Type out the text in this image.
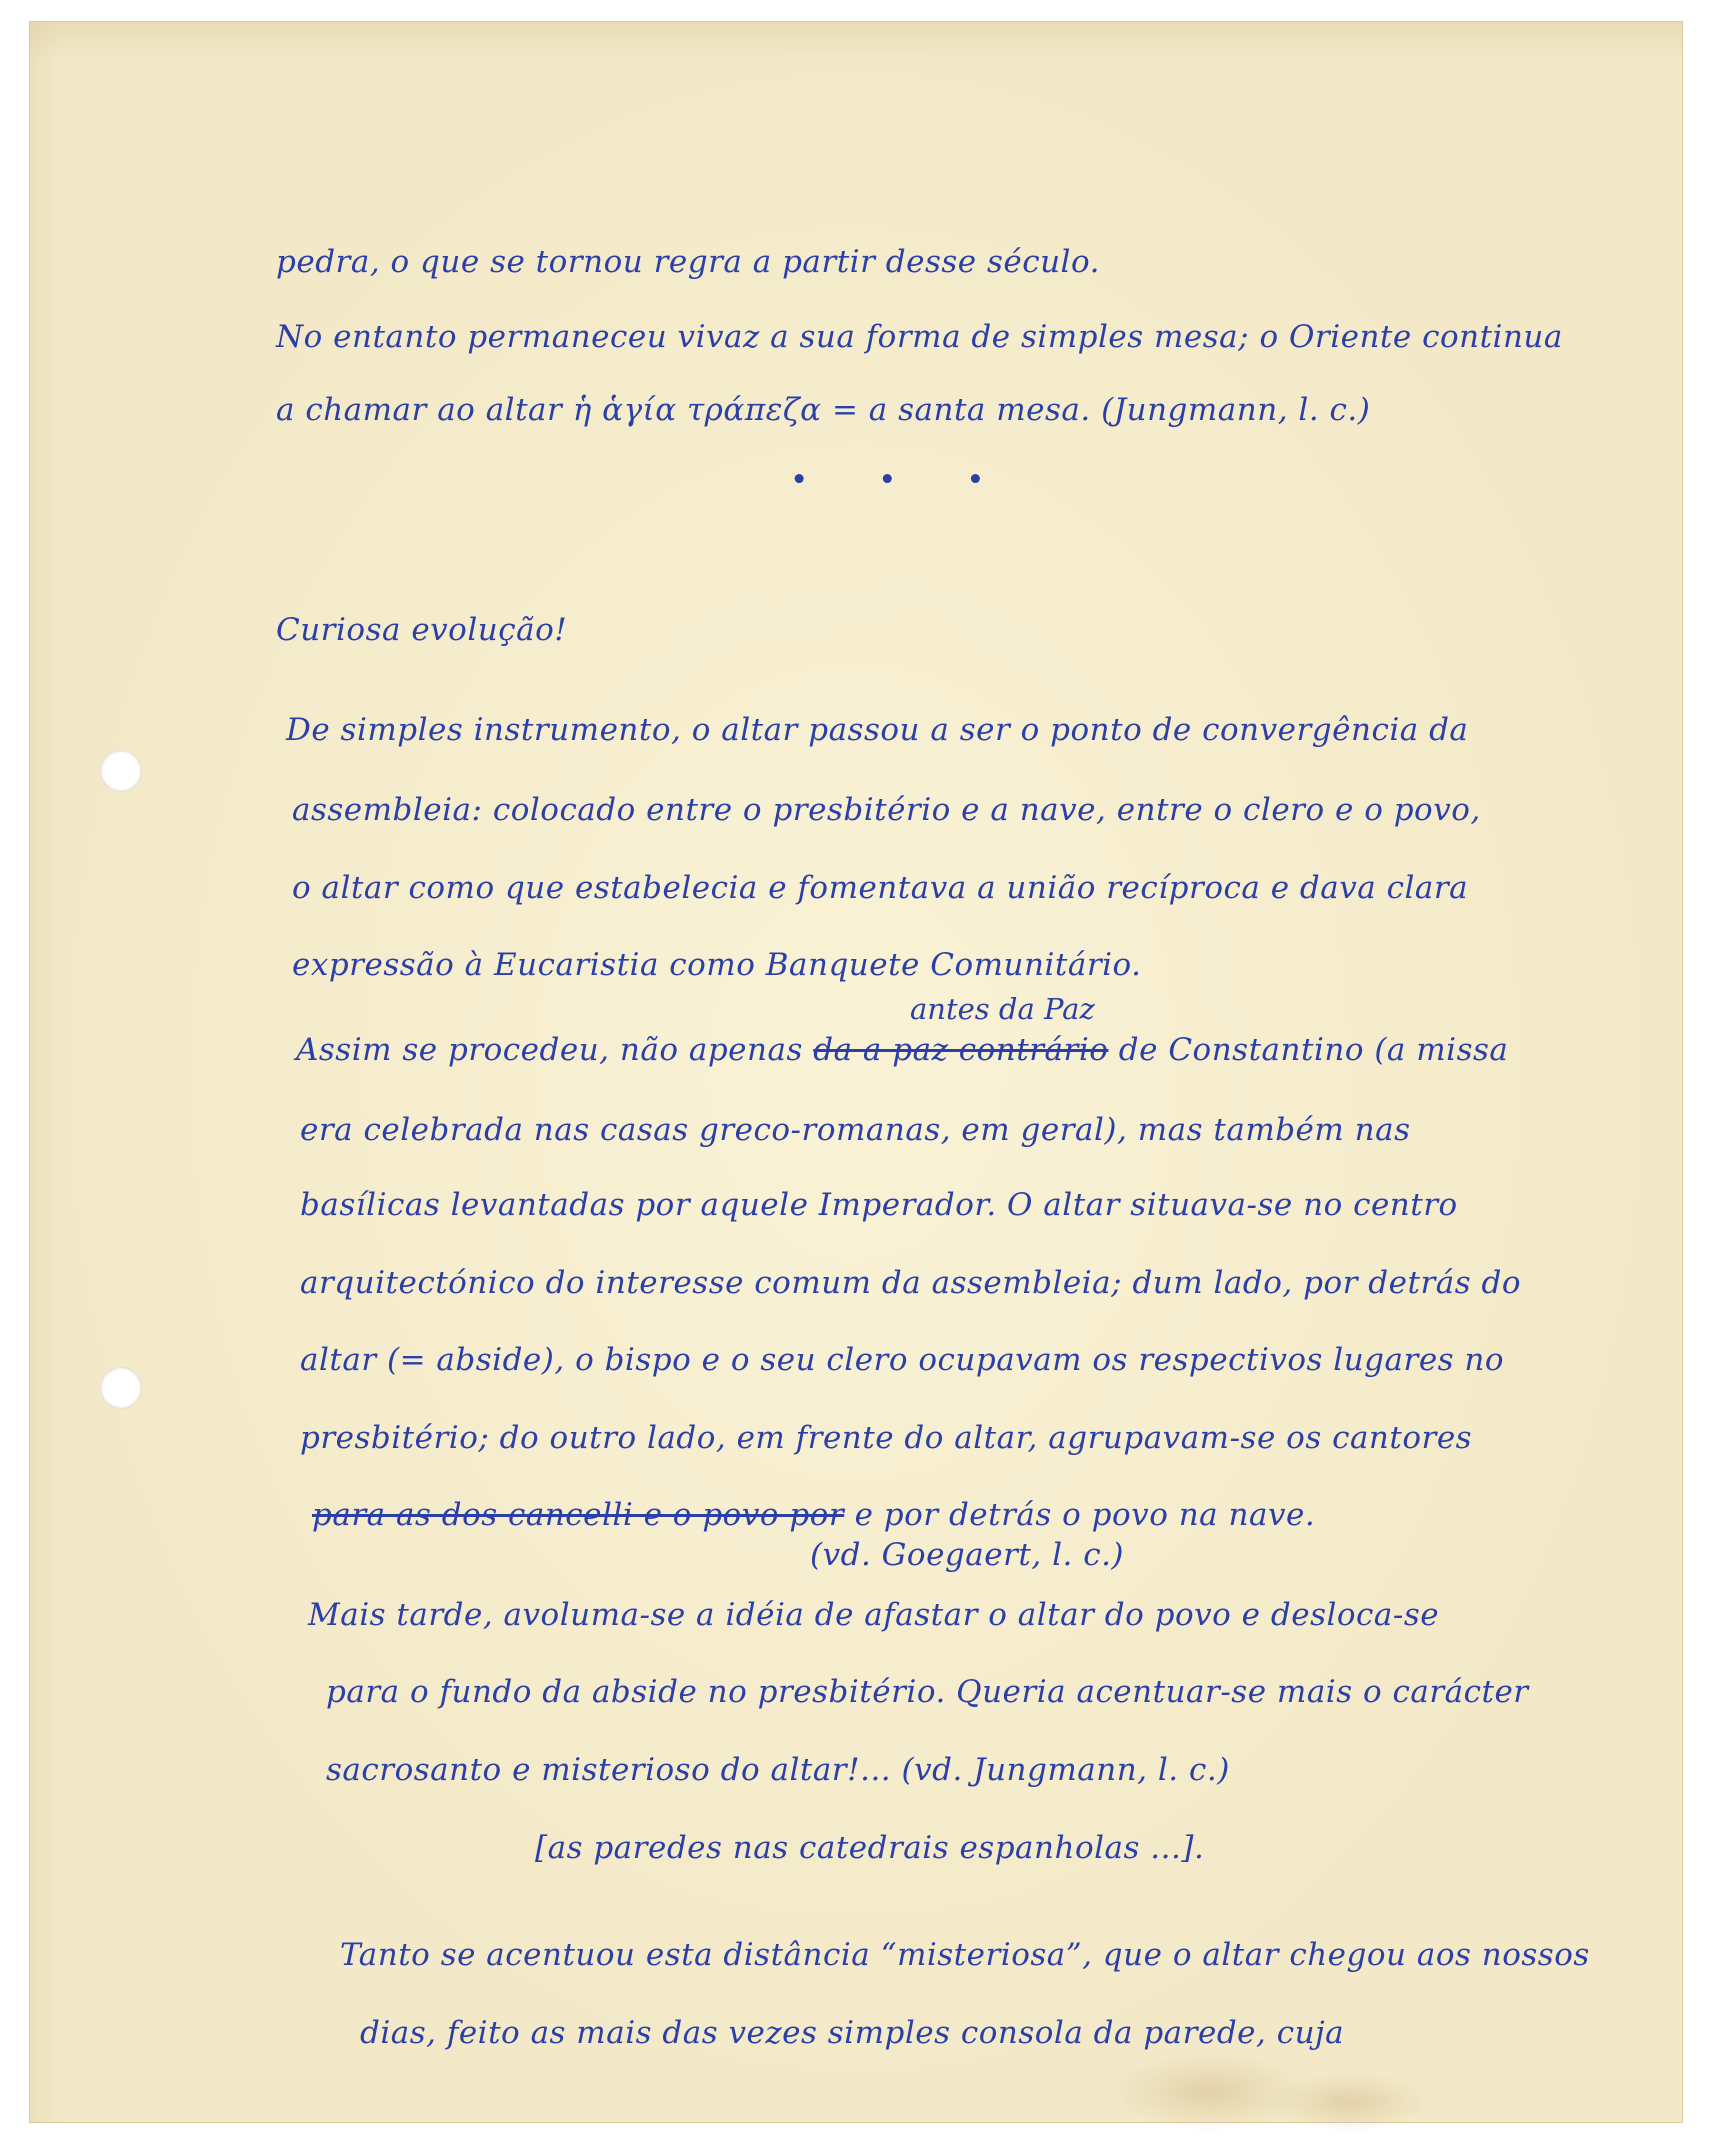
pedra, o que se tornou regra a partir desse século.
No entanto permaneceu vivaz a sua forma de simples mesa; o Oriente continua
a chamar ao altar ἡ ἁγία τράπεζα = a santa mesa. (Jungmann, l. c.)
• • •
Curiosa evolução!
De simples instrumento, o altar passou a ser o ponto de convergência da
assembleia: colocado entre o presbitério e a nave, entre o clero e o povo,
o altar como que estabelecia e fomentava a união recíproca e dava clara
expressão à Eucaristia como Banquete Comunitário.
antes da Paz
Assim se procedeu, não apenas da a paz contrário de Constantino (a missa
era celebrada nas casas greco-romanas, em geral), mas também nas
basílicas levantadas por aquele Imperador. O altar situava-se no centro
arquitectónico do interesse comum da assembleia; dum lado, por detrás do
altar (= abside), o bispo e o seu clero ocupavam os respectivos lugares no
presbitério; do outro lado, em frente do altar, agrupavam-se os cantores
para as dos cancelli e o povo por e por detrás o povo na nave.
(vd. Goegaert, l. c.)
Mais tarde, avoluma-se a idéia de afastar o altar do povo e desloca-se
para o fundo da abside no presbitério. Queria acentuar-se mais o carácter
sacrosanto e misterioso do altar!... (vd. Jungmann, l. c.)
[as paredes nas catedrais espanholas ...].
Tanto se acentuou esta distância “misteriosa”, que o altar chegou aos nossos
dias, feito as mais das vezes simples consola da parede, cuja
